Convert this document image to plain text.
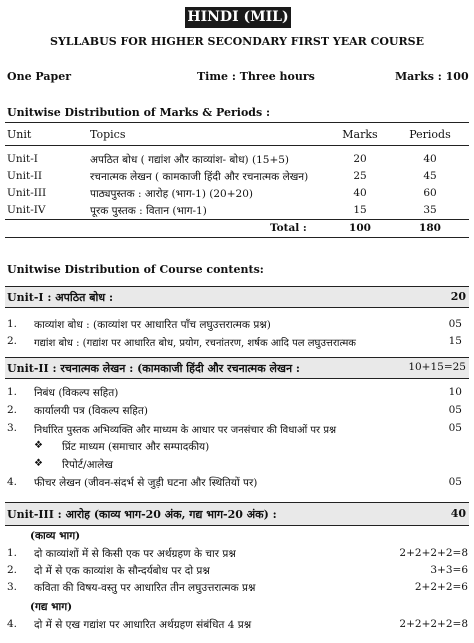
HINDI (MIL)
SYLLABUS FOR HIGHER SECONDARY FIRST YEAR COURSE
One Paper	Time : Three hours	Marks : 100
Unitwise Distribution of Marks & Periods :
Unit	Topics	Marks	Periods
Unit-I	अपठित बोध ( गद्यांश और काव्यांश- बोध) (15+5)	20	40
Unit-II	रचनात्मक लेखन ( कामकाजी हिंदी और रचनात्मक लेखन)	25	45
Unit-III	पाठ्यपुस्तक : आरोह (भाग-1) (20+20)	40	60
Unit-IV	पूरक पुस्तक : वितान (भाग-1)	15	35
Total :	100	180
Unitwise Distribution of Course contents:
Unit-I : अपठित बोध :	20
1. काव्यांश बोध : (काव्यांश पर आधारित पाँच लघुउत्तरात्मक प्रश्न)	05
2. गद्यांश बोध : (गद्यांश पर आधारित बोध, प्रयोग, रचनांतरण, शर्षक आदि पल लघुउत्तरात्मक	15
Unit-II : रचनात्मक लेखन : (कामकाजी हिंदी और रचनात्मक लेखन :	10+15=25
1. निबंध (विकल्प सहित)	10
2. कार्यालयी पत्र (विकल्प सहित)	05
3. निर्धारित पुस्तक अभिव्यक्ति और माध्यम के आधार पर जनसंचार की विधाओं पर प्रश्न	05
❖ प्रिंट माध्यम (समाचार और सम्पादकीय)
❖ रिपोर्ट/आलेख
4. फीचर लेखन (जीवन-संदर्भ से जुड़ी घटना और स्थितियों पर)	05
Unit-III : आरोह (काव्य भाग-20 अंक, गद्य भाग-20 अंक) :	40
(काव्य भाग)
1. दो काव्यांशों में से किसी एक पर अर्थग्रहण के चार प्रश्न	2+2+2+2=8
2. दो में से एक काव्यांश के सौन्दर्यबोध पर दो प्रश्न	3+3=6
3. कविता की विषय-वस्तु पर आधारित तीन लघुउत्तरात्मक प्रश्न	2+2+2=6
(गद्य भाग)
4. दो में से एख गद्यांश पर आधारित अर्थग्रहण संबंधित 4 प्रश्न	2+2+2+2=8
